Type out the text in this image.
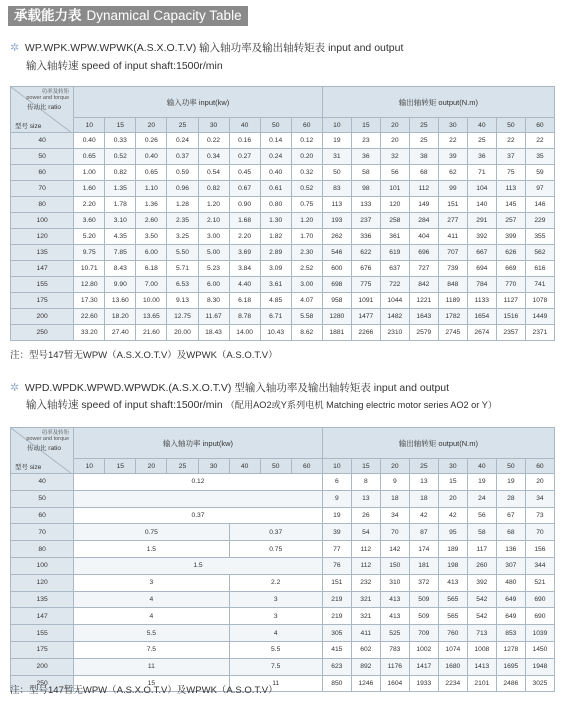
承载能力表 Dynamical Capacity Table
✲ WP.WPK.WPW.WPWK(A.S.X.O.T.V) 输入轴功率及输出轴转矩表 input and output
输入轴转速 speed of input shaft:1500r/min
功率及转矩
power and torque
传动比 ratio
型号 size	输入功率 input(kw)								输出轴转矩 output(N.m)							
	10	15	20	25	30	40	50	60	10	15	20	25	30	40	50	60
40	0.40	0.33	0.26	0.24	0.22	0.16	0.14	0.12	19	23	20	25	22	25	22	22
50	0.65	0.52	0.40	0.37	0.34	0.27	0.24	0.20	31	36	32	38	39	36	37	35
60	1.00	0.82	0.65	0.59	0.54	0.45	0.40	0.32	50	58	56	68	62	71	75	59
70	1.60	1.35	1.10	0.96	0.82	0.67	0.61	0.52	83	98	101	112	99	104	113	97
80	2.20	1.78	1.36	1.28	1.20	0.90	0.80	0.75	113	133	120	149	151	140	145	146
100	3.60	3.10	2.60	2.35	2.10	1.68	1.30	1.20	193	237	258	284	277	291	257	229
120	5.20	4.35	3.50	3.25	3.00	2.20	1.82	1.70	262	336	361	404	411	392	399	355
135	9.75	7.85	6.00	5.50	5.00	3.69	2.89	2.30	546	622	619	696	707	667	626	562
147	10.71	8.43	6.18	5.71	5.23	3.84	3.09	2.52	600	676	637	727	739	694	669	616
155	12.80	9.90	7.00	6.53	6.00	4.40	3.61	3.00	698	775	722	842	848	784	770	741
175	17.30	13.60	10.00	9.13	8.30	6.18	4.85	4.07	958	1091	1044	1221	1189	1133	1127	1078
200	22.60	18.20	13.65	12.75	11.67	8.78	6.71	5.58	1280	1477	1482	1643	1782	1654	1516	1449
250	33.20	27.40	21.60	20.00	18.43	14.00	10.43	8.62	1881	2266	2310	2579	2745	2674	2357	2371
注：型号147暂无WPW（A.S.X.O.T.V）及WPWK（A.S.O.T.V）
✲ WPD.WPDK.WPWD.WPWDK.(A.S.X.O.T.V) 型输入轴功率及输出轴转矩表 input and output
输入轴转速 speed of input shaft:1500r/min （配用AO2或Y系列电机 Matching electric motor series AO2 or Y）
功率及转矩
power and torque
传动比 ratio
型号 size	输入轴功率 input(kw)								输出轴转矩 output(N.m)							
	10	15	20	25	30	40	50	60	10	15	20	25	30	40	50	60
40	0.12								6	8	9	13	15	19	19	20
50									9	13	18	18	20	24	28	34
60	0.37								19	26	34	42	42	56	67	73
70	0.75					0.37			39	54	70	87	95	58	68	70
80	1.5					0.75			77	112	142	174	189	117	136	156
100	1.5								76	112	150	181	198	260	307	344
120	3					2.2			151	232	310	372	413	392	480	521
135	4					3			219	321	413	509	565	542	649	690
147	4					3			219	321	413	509	565	542	649	690
155	5.5					4			305	411	525	709	760	713	853	1039
175	7.5					5.5			415	602	783	1002	1074	1008	1278	1450
200	11					7.5			623	892	1176	1417	1680	1413	1695	1948
250	15					11			850	1246	1604	1933	2234	2101	2486	3025
注：型号147暂无WPW（A.S.X.O.T.V）及WPWK（A.S.O.T.V）
